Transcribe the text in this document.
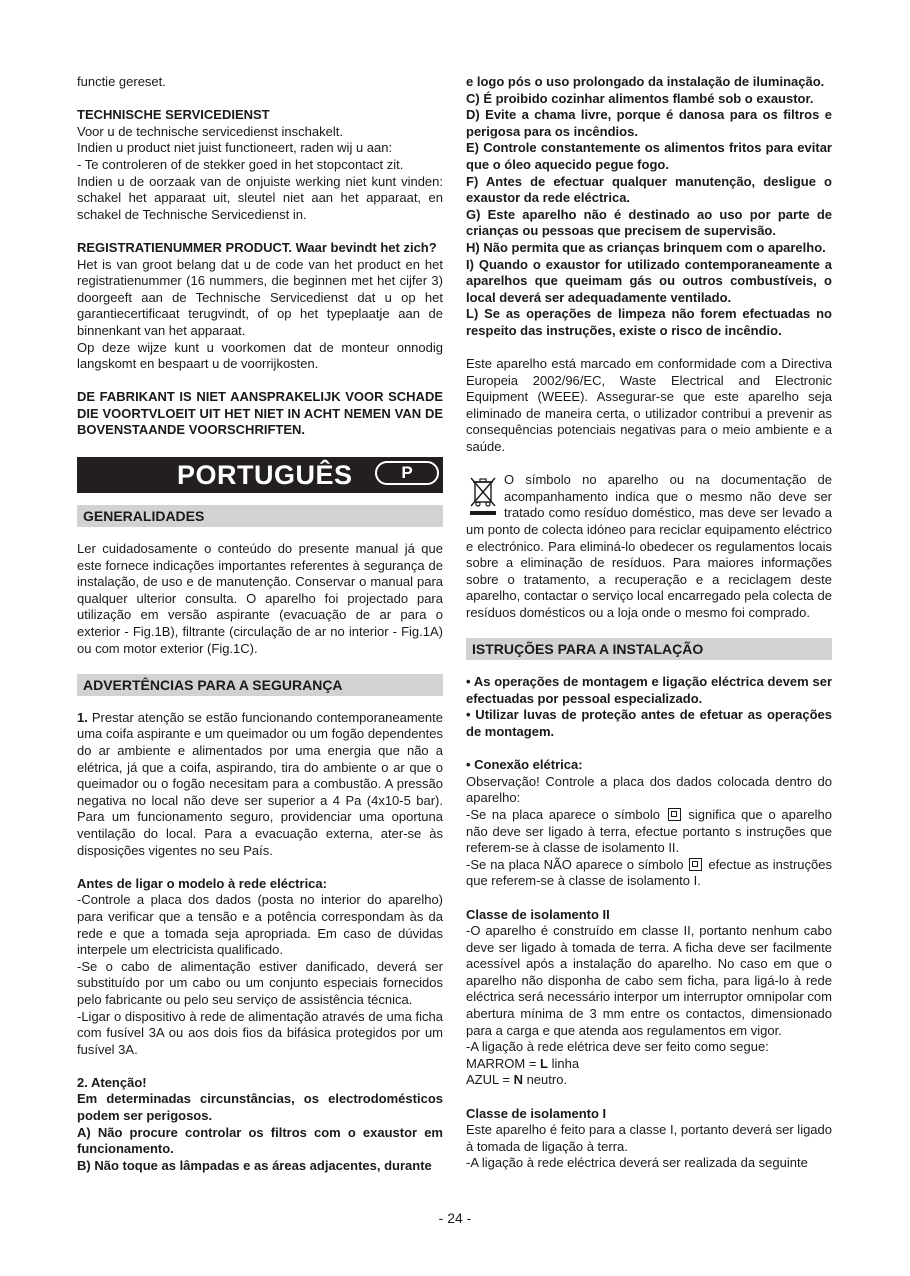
functie gereset.

TECHNISCHE SERVICEDIENST

Voor u de technische servicedienst inschakelt.

Indien u product niet juist functioneert, raden wij u aan:

- Te controleren of de stekker goed in het stopcontact zit.

Indien u de oorzaak van de onjuiste werking niet kunt vinden: schakel het apparaat uit, sleutel niet aan het apparaat, en schakel de Technische Servicedienst in.

REGISTRATIENUMMER PRODUCT. Waar bevindt het zich?

Het is van groot belang dat u de code van het product en het registratienummer (16 nummers, die beginnen met het cijfer 3) doorgeeft aan de Technische Servicedienst dat u op het garantiecertificaat terugvindt, of op het typeplaatje aan de binnenkant van het apparaat.

Op deze wijze kunt u voorkomen dat de monteur onnodig langskomt en bespaart u de voorrijkosten.

DE FABRIKANT IS NIET AANSPRAKELIJK VOOR SCHADE DIE VOORTVLOEIT UIT HET NIET IN ACHT NEMEN VAN DE BOVENSTAANDE VOORSCHRIFTEN.

PORTUGUÊS	P
GENERALIDADES

Ler cuidadosamente o conteúdo do presente manual já que este fornece indicações importantes referentes à segurança de instalação, de uso e de manutenção. Conservar o manual para qualquer ulterior consulta. O aparelho foi projectado para utilização em versão aspirante (evacuação de ar para o exterior - Fig.1B), filtrante (circulação de ar no interior - Fig.1A) ou com motor exterior (Fig.1C).

ADVERTÊNCIAS PARA A SEGURANÇA

1. Prestar atenção se estão funcionando contemporaneamente uma coifa aspirante e um queimador ou um fogão dependentes do ar ambiente e alimentados por uma energia que não a elétrica, já que a coifa, aspirando, tira do ambiente o ar que o queimador ou o fogão necesitam para a combustão. A pressão negativa no local não deve ser superior a 4 Pa (4x10-5 bar). Para um funcionamento seguro, providenciar uma oportuna ventilação do local. Para a evacuação externa, ater-se às disposições vigentes no seu País.

Antes de ligar o modelo à rede eléctrica:

-Controle a placa dos dados (posta no interior do aparelho) para verificar que a tensão e a potência correspondam às da rede e que a tomada seja apropriada. Em caso de dúvidas interpele um electricista qualificado.

-Se o cabo de alimentação estiver danificado, deverá ser substituído por um cabo ou um conjunto especiais fornecidos pelo fabricante ou pelo seu serviço de assistência técnica.

-Ligar o dispositivo à rede de alimentação através de uma ficha com fusível 3A ou aos dois fios da bifásica protegidos por um fusível 3A.

2. Atenção!

Em determinadas circunstâncias, os electrodomésticos podem ser perigosos.

A) Não procure controlar os filtros com o exaustor em funcionamento.

B) Não toque as lâmpadas e as áreas adjacentes, durante

e logo pós o uso prolongado da instalação de iluminação.

C) É proibido cozinhar alimentos flambé sob o exaustor.

D) Evite a chama livre, porque é danosa para os filtros e perigosa para os incêndios.

E) Controle constantemente os alimentos fritos para evitar que o óleo aquecido pegue fogo.

F) Antes de efectuar qualquer manutenção, desligue o exaustor da rede eléctrica.

G) Este aparelho não é destinado ao uso por parte de crianças ou pessoas que precisem de supervisão.

H) Não permita que as crianças brinquem com o aparelho.

I) Quando o exaustor for utilizado contemporaneamente a aparelhos que queimam gás ou outros combustíveis, o local deverá ser adequadamente ventilado.

L) Se as operações de limpeza não forem efectuadas no respeito das instruções, existe o risco de incêndio.

Este aparelho está marcado em conformidade com a Directiva Europeia 2002/96/EC, Waste Electrical and Electronic Equipment (WEEE). Assegurar-se que este aparelho seja eliminado de maneira certa, o utilizador contribui a prevenir as consequências potenciais negativas para o meio ambiente e a saúde.

O símbolo no aparelho ou na documentação de acompanhamento indica que o mesmo não deve ser tratado como resíduo doméstico, mas deve ser levado a um ponto de colecta idóneo para reciclar equipamento eléctrico e electrónico. Para eliminá-lo obedecer os regulamentos locais sobre a eliminação de resíduos. Para maiores informações sobre o tratamento, a recuperação e a reciclagem deste aparelho, contactar o serviço local encarregado pela colecta de resíduos domésticos ou a loja onde o mesmo foi comprado.

ISTRUÇÕES PARA A INSTALAÇÃO

• As operações de montagem e ligação eléctrica devem ser efectuadas por pessoal especializado.

• Utilizar luvas de proteção antes de efetuar as operações de montagem.

• Conexão elétrica:

Observação! Controle a placa dos dados colocada dentro do aparelho:

-Se na placa aparece o símbolo significa que o aparelho não deve ser ligado à terra, efectue portanto s instruções que referem-se à classe de isolamento II.

-Se na placa NÃO aparece o símbolo efectue as instruções que referem-se à classe de isolamento I.

Classe de isolamento II

-O aparelho é construído em classe II, portanto nenhum cabo deve ser ligado à tomada de terra. A ficha deve ser facilmente acessível após a instalação do aparelho. No caso em que o aparelho não disponha de cabo sem ficha, para ligá-lo à rede eléctrica será necessário interpor um interruptor omnipolar com abertura mínima de 3 mm entre os contactos, dimensionado para a carga e que atenda aos regulamentos em vigor.

-A ligação à rede elétrica deve ser feito como segue:

MARROM = L linha

AZUL = N neutro.

Classe de isolamento I

Este aparelho é feito para a classe I, portanto deverá ser ligado à tomada de ligação à terra.

-A ligação à rede eléctrica deverá ser realizada da seguinte

- 24 -
